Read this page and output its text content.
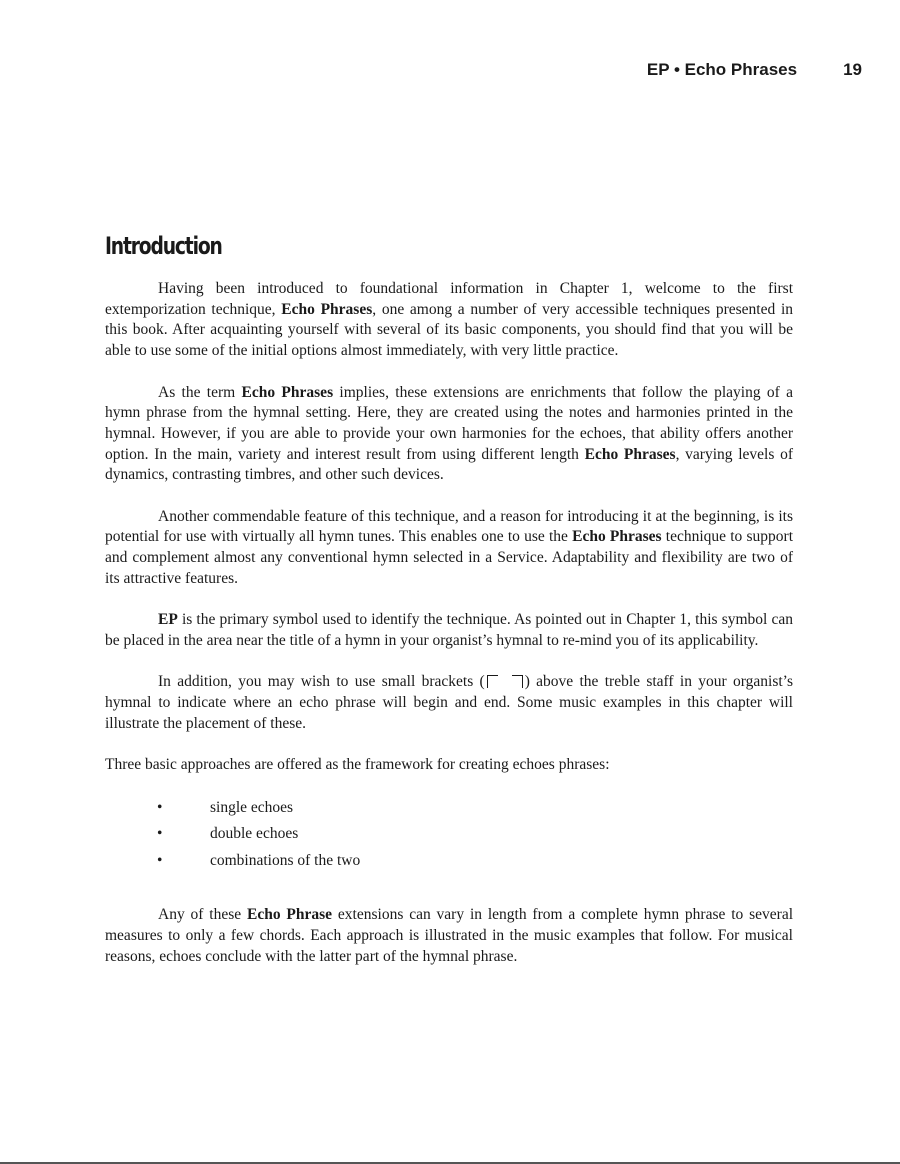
EP • Echo Phrases	19
Introduction

Having been introduced to foundational information in Chapter 1, welcome to the first extemporization technique, Echo Phrases, one among a number of very accessible techniques presented in this book. After acquainting yourself with several of its basic components, you should find that you will be able to use some of the initial options almost immediately, with very little practice.

As the term Echo Phrases implies, these extensions are enrichments that follow the playing of a hymn phrase from the hymnal setting. Here, they are created using the notes and harmonies printed in the hymnal. However, if you are able to provide your own harmonies for the echoes, that ability offers another option. In the main, variety and interest result from using different length Echo Phrases, varying levels of dynamics, contrasting timbres, and other such devices.

Another commendable feature of this technique, and a reason for introducing it at the beginning, is its potential for use with virtually all hymn tunes. This enables one to use the Echo Phrases technique to support and complement almost any conventional hymn selected in a Service. Adaptability and flexibility are two of its attractive features.

EP is the primary symbol used to identify the technique. As pointed out in Chapter 1, this symbol can be placed in the area near the title of a hymn in your organist’s hymnal to re-mind you of its applicability.

In addition, you may wish to use small brackets (	) above the treble staff in your organist’s hymnal to indicate where an echo phrase will begin and end. Some music examples in this chapter will illustrate the placement of these.

Three basic approaches are offered as the framework for creating echoes phrases:

•	single echoes
•	double echoes
•	combinations of the two

Any of these Echo Phrase extensions can vary in length from a complete hymn phrase to several measures to only a few chords. Each approach is illustrated in the music examples that follow. For musical reasons, echoes conclude with the latter part of the hymnal phrase.
